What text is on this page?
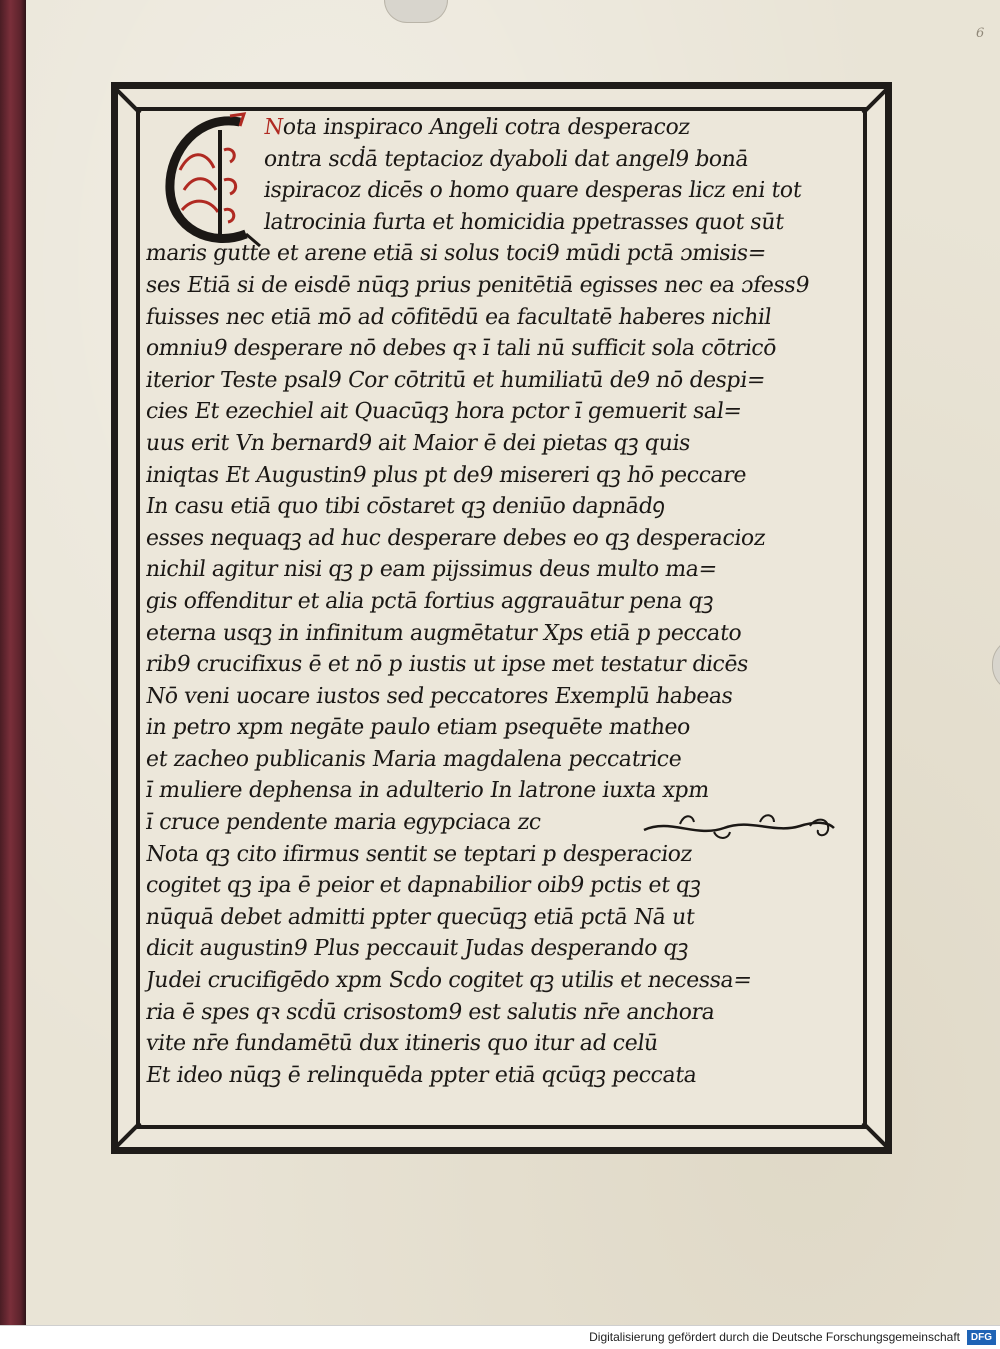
6
Nota inspiraco Angeli cotra desperacoz
ontra scḋā teptacioz dyaboli dat angel9 bonā
ispiracoz dicēs o homo quare desperas licz eni tot
latrocinia furta et homicidia ppetrasses quot sūt
maris gutte et arene etiā si solus toci9 mūdi pctā ɔmisis=
ses Etiā si de eisdē nūqꝫ prius penitētiā egisses nec ea ɔfess9
fuisses nec etiā mō ad cōfitēdū ea facultatē haberes nichil
omniu9 desperare nō debes qꝛ ī tali nū sufficit sola cōtricō
iterior Teste psal9 Cor cōtritū et humiliatū de9 nō despi=
cies Et ezechiel ait Quacūqꝫ hora pctor ī gemuerit sal=
uus erit Vn bernard9 ait Maior ē dei pietas qꝫ quis
iniqtas Et Augustin9 plus pt de9 misereri qꝫ hō peccare
In casu etiā quo tibi cōstaret qꝫ deniūo dapnādꝯ
esses nequaqꝫ ad huc desperare debes eo qꝫ desperacioz
nichil agitur nisi qꝫ p eam pijssimus deus multo ma=
gis offenditur et alia pctā fortius aggrauātur pena qꝫ
eterna usqꝫ in infinitum augmētatur Xps etiā p peccato
rib9 crucifixus ē et nō p iustis ut ipse met testatur dicēs
Nō veni uocare iustos sed peccatores Exemplū habeas
in petro xpm negāte paulo etiam psequēte matheo
et zacheo publicanis Maria magdalena peccatrice
ī muliere dephensa in adulterio In latrone iuxta xpm
ī cruce pendente maria egypciaca zc
Nota qꝫ cito ifirmus sentit se teptari p desperacioz
cogitet qꝫ ipa ē peior et dapnabilior oib9 pctis et qꝫ
nūquā debet admitti ppter quecūqꝫ etiā pctā Nā ut
dicit augustin9 Plus peccauit Judas desperando qꝫ
Judei crucifigēdo xpm Scḋo cogitet qꝫ utilis et necessa=
ria ē spes qꝛ scḋū crisostom9 est salutis nr̄e anchora
vite nr̄e fundamētū dux itineris quo itur ad celū
Et ideo nūqꝫ ē relinquēda ppter etiā qcūqꝫ peccata
Digitalisierung gefördert durch die Deutsche Forschungsgemeinschaft	DFG
